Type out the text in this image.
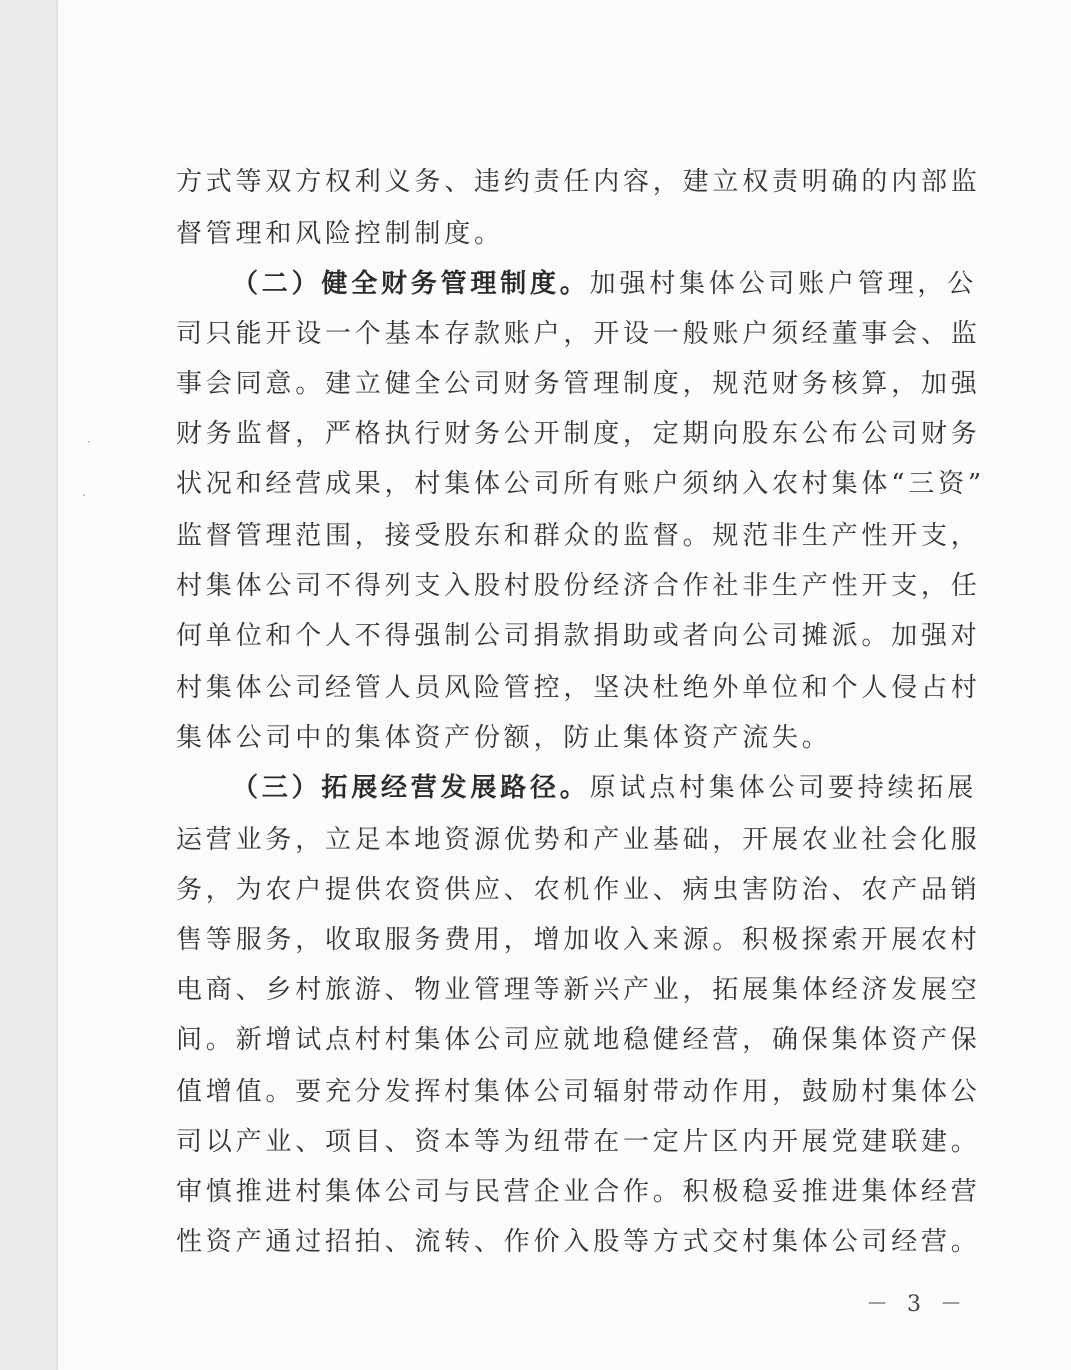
方式等双方权利义务、违约责任内容，建立权责明确的内部监
督管理和风险控制制度。
（二）健全财务管理制度。加强村集体公司账户管理，公
司只能开设一个基本存款账户，开设一般账户须经董事会、监
事会同意。建立健全公司财务管理制度，规范财务核算，加强
财务监督，严格执行财务公开制度，定期向股东公布公司财务
状况和经营成果，村集体公司所有账户须纳入农村集体“三资”
监督管理范围，接受股东和群众的监督。规范非生产性开支，
村集体公司不得列支入股村股份经济合作社非生产性开支，任
何单位和个人不得强制公司捐款捐助或者向公司摊派。加强对
村集体公司经管人员风险管控，坚决杜绝外单位和个人侵占村
集体公司中的集体资产份额，防止集体资产流失。
（三）拓展经营发展路径。原试点村集体公司要持续拓展
运营业务，立足本地资源优势和产业基础，开展农业社会化服
务，为农户提供农资供应、农机作业、病虫害防治、农产品销
售等服务，收取服务费用，增加收入来源。积极探索开展农村
电商、乡村旅游、物业管理等新兴产业，拓展集体经济发展空
间。新增试点村村集体公司应就地稳健经营，确保集体资产保
值增值。要充分发挥村集体公司辐射带动作用，鼓励村集体公
司以产业、项目、资本等为纽带在一定片区内开展党建联建。
审慎推进村集体公司与民营企业合作。积极稳妥推进集体经营
性资产通过招拍、流转、作价入股等方式交村集体公司经营。
－ 3 －
